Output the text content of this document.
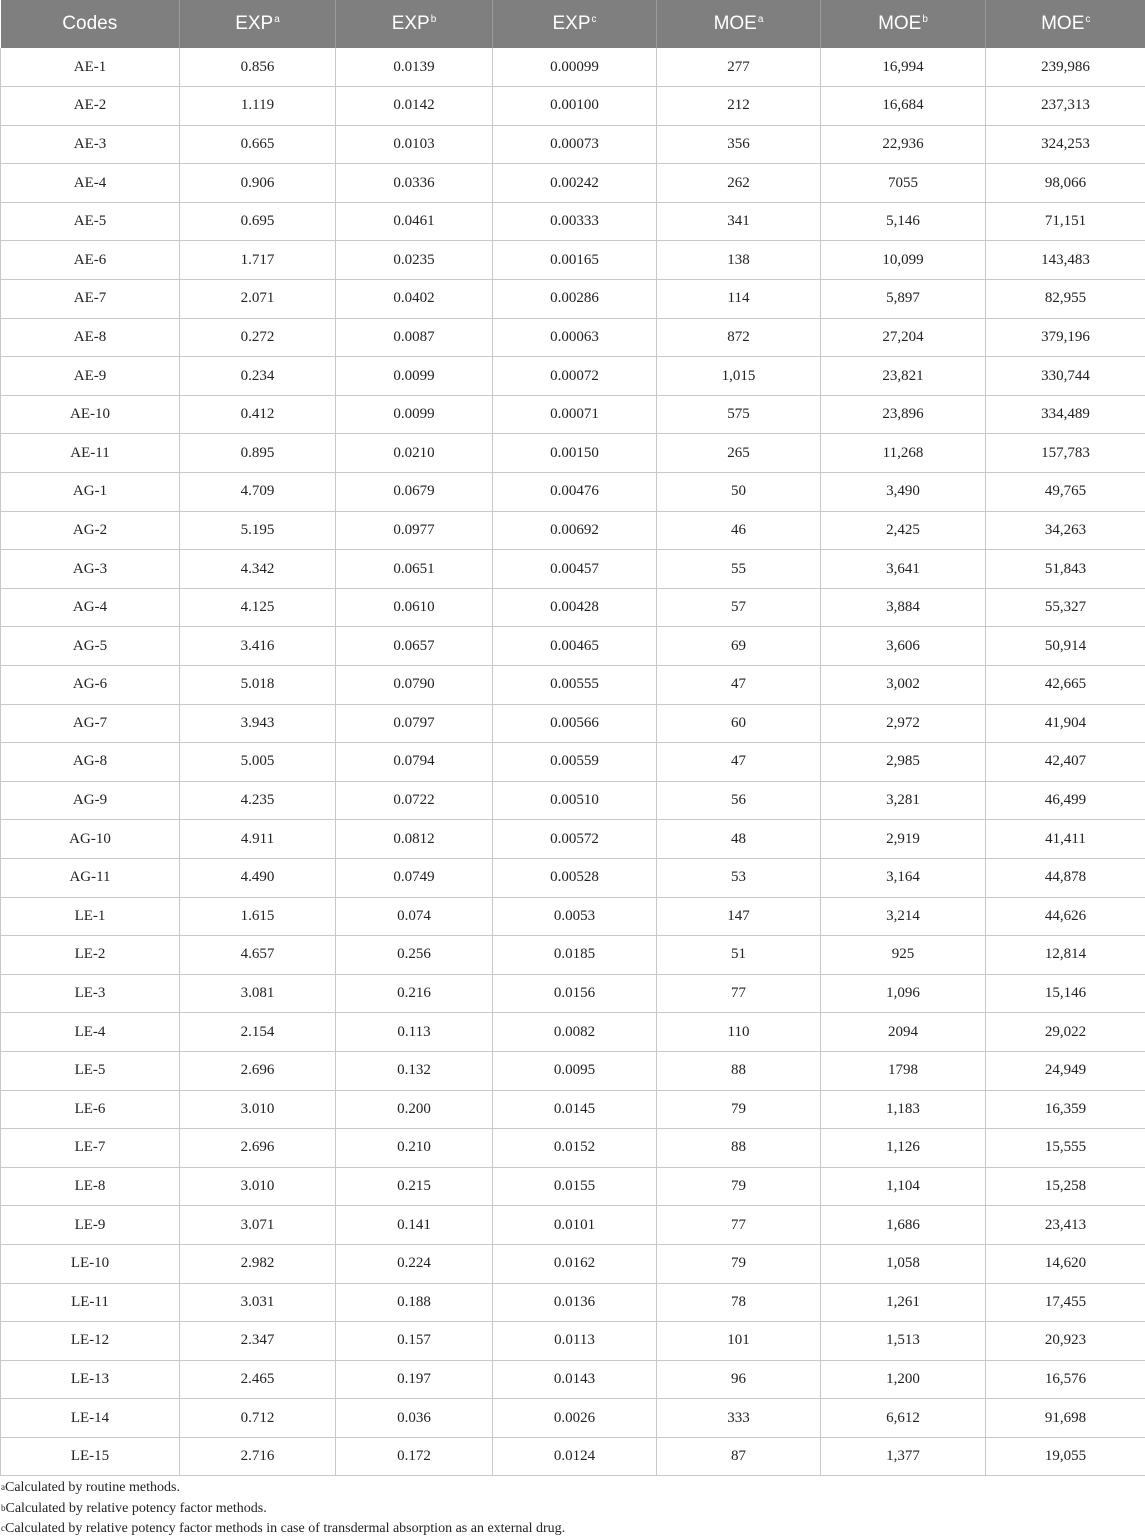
Codes	EXP$^a$	EXP$^b$	EXP$^c$	MOE$^a$	MOE$^b$	MOE$^c$
AE-1	0.856	0.0139	0.00099	277	16,994	239,986
AE-2	1.119	0.0142	0.00100	212	16,684	237,313
AE-3	0.665	0.0103	0.00073	356	22,936	324,253
AE-4	0.906	0.0336	0.00242	262	7055	98,066
AE-5	0.695	0.0461	0.00333	341	5,146	71,151
AE-6	1.717	0.0235	0.00165	138	10,099	143,483
AE-7	2.071	0.0402	0.00286	114	5,897	82,955
AE-8	0.272	0.0087	0.00063	872	27,204	379,196
AE-9	0.234	0.0099	0.00072	1,015	23,821	330,744
AE-10	0.412	0.0099	0.00071	575	23,896	334,489
AE-11	0.895	0.0210	0.00150	265	11,268	157,783
AG-1	4.709	0.0679	0.00476	50	3,490	49,765
AG-2	5.195	0.0977	0.00692	46	2,425	34,263
AG-3	4.342	0.0651	0.00457	55	3,641	51,843
AG-4	4.125	0.0610	0.00428	57	3,884	55,327
AG-5	3.416	0.0657	0.00465	69	3,606	50,914
AG-6	5.018	0.0790	0.00555	47	3,002	42,665
AG-7	3.943	0.0797	0.00566	60	2,972	41,904
AG-8	5.005	0.0794	0.00559	47	2,985	42,407
AG-9	4.235	0.0722	0.00510	56	3,281	46,499
AG-10	4.911	0.0812	0.00572	48	2,919	41,411
AG-11	4.490	0.0749	0.00528	53	3,164	44,878
LE-1	1.615	0.074	0.0053	147	3,214	44,626
LE-2	4.657	0.256	0.0185	51	925	12,814
LE-3	3.081	0.216	0.0156	77	1,096	15,146
LE-4	2.154	0.113	0.0082	110	2094	29,022
LE-5	2.696	0.132	0.0095	88	1798	24,949
LE-6	3.010	0.200	0.0145	79	1,183	16,359
LE-7	2.696	0.210	0.0152	88	1,126	15,555
LE-8	3.010	0.215	0.0155	79	1,104	15,258
LE-9	3.071	0.141	0.0101	77	1,686	23,413
LE-10	2.982	0.224	0.0162	79	1,058	14,620
LE-11	3.031	0.188	0.0136	78	1,261	17,455
LE-12	2.347	0.157	0.0113	101	1,513	20,923
LE-13	2.465	0.197	0.0143	96	1,200	16,576
LE-14	0.712	0.036	0.0026	333	6,612	91,698
LE-15	2.716	0.172	0.0124	87	1,377	19,055
$^a$Calculated by routine methods.
$^b$Calculated by relative potency factor methods.
$^c$Calculated by relative potency factor methods in case of transdermal absorption as an external drug.
